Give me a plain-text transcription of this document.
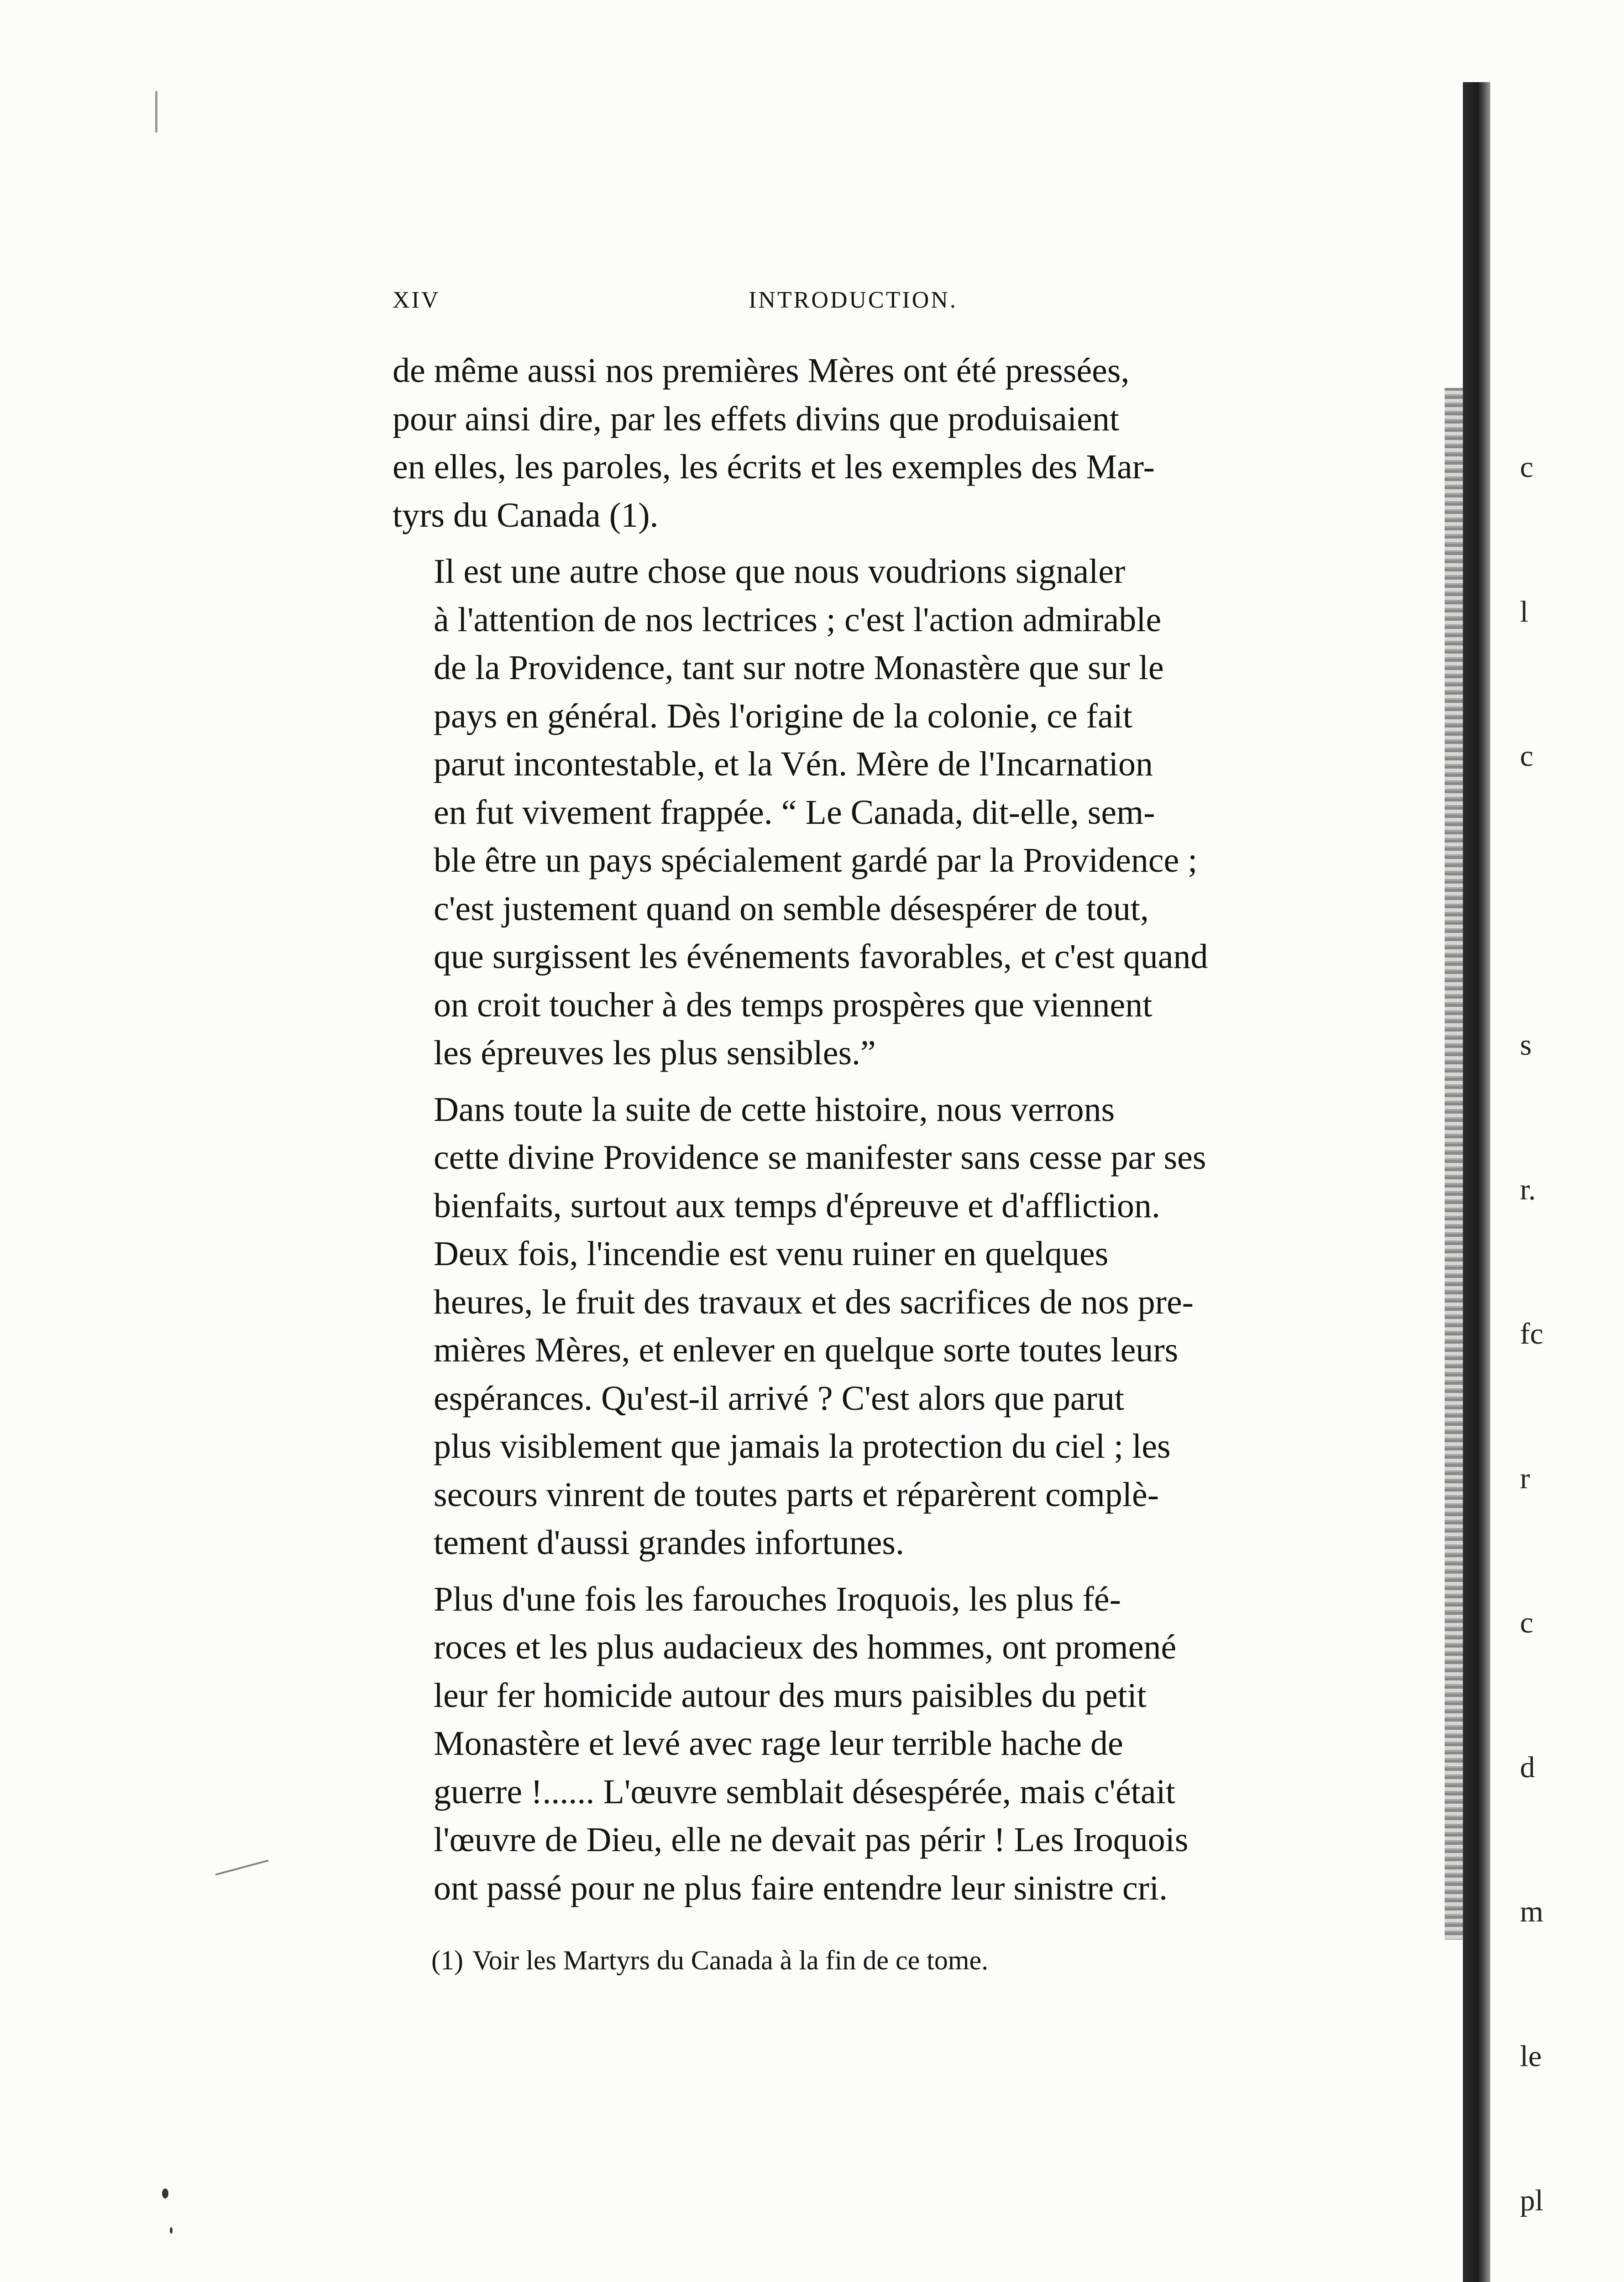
XIV	INTRODUCTION.

de même aussi nos premières Mères ont été pressées,
pour ainsi dire, par les effets divins que produisaient
en elles, les paroles, les écrits et les exemples des Mar-
tyrs du Canada (1).

Il est une autre chose que nous voudrions signaler
à l'attention de nos lectrices ; c'est l'action admirable
de la Providence, tant sur notre Monastère que sur le
pays en général. Dès l'origine de la colonie, ce fait
parut incontestable, et la Vén. Mère de l'Incarnation
en fut vivement frappée. “ Le Canada, dit-elle, sem-
ble être un pays spécialement gardé par la Providence ;
c'est justement quand on semble désespérer de tout,
que surgissent les événements favorables, et c'est quand
on croit toucher à des temps prospères que viennent
les épreuves les plus sensibles.”

Dans toute la suite de cette histoire, nous verrons
cette divine Providence se manifester sans cesse par ses
bienfaits, surtout aux temps d'épreuve et d'affliction.
Deux fois, l'incendie est venu ruiner en quelques
heures, le fruit des travaux et des sacrifices de nos pre-
mières Mères, et enlever en quelque sorte toutes leurs
espérances. Qu'est-il arrivé ? C'est alors que parut
plus visiblement que jamais la protection du ciel ; les
secours vinrent de toutes parts et réparèrent complè-
tement d'aussi grandes infortunes.

Plus d'une fois les farouches Iroquois, les plus fé-
roces et les plus audacieux des hommes, ont promené
leur fer homicide autour des murs paisibles du petit
Monastère et levé avec rage leur terrible hache de
guerre !...... L'œuvre semblait désespérée, mais c'était
l'œuvre de Dieu, elle ne devait pas périr ! Les Iroquois
ont passé pour ne plus faire entendre leur sinistre cri.

(1) Voir les Martyrs du Canada à la fin de ce tome.

c

l

c

s

r.

fc

r

c

d

m

le

pl
